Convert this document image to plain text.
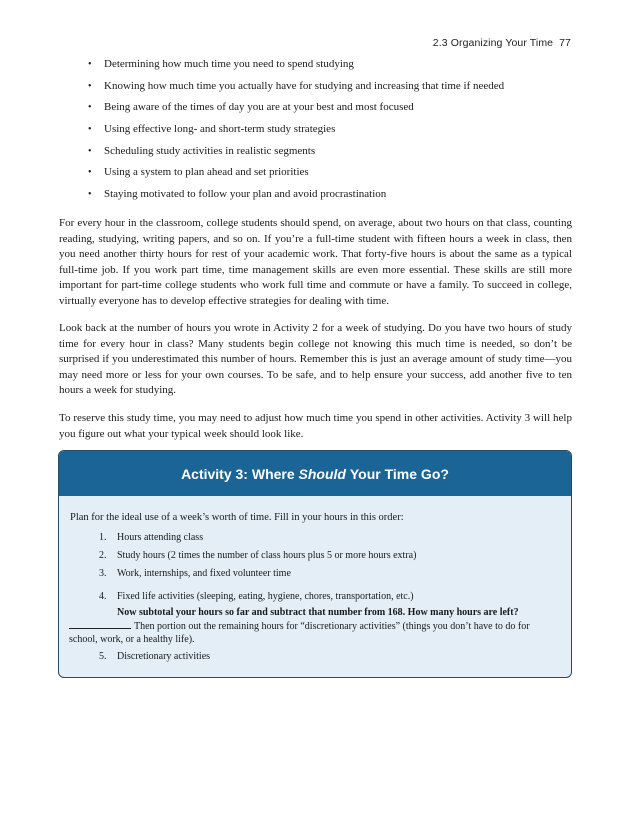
2.3 Organizing Your Time 77
• Determining how much time you need to spend studying
• Knowing how much time you actually have for studying and increasing that time if needed
• Being aware of the times of day you are at your best and most focused
• Using effective long- and short-term study strategies
• Scheduling study activities in realistic segments
• Using a system to plan ahead and set priorities
• Staying motivated to follow your plan and avoid procrastination

For every hour in the classroom, college students should spend, on average, about two hours on that class, counting reading, studying, writing papers, and so on. If you’re a full-time student with fifteen hours a week in class, then you need another thirty hours for rest of your academic work. That forty-five hours is about the same as a typical full-time job. If you work part time, time management skills are even more essential. These skills are still more important for part-time college students who work full time and commute or have a family. To succeed in college, virtually everyone has to develop effective strategies for dealing with time.

Look back at the number of hours you wrote in Activity 2 for a week of studying. Do you have two hours of study time for every hour in class? Many students begin college not knowing this much time is needed, so don’t be surprised if you underestimated this number of hours. Remember this is just an average amount of study time—you may need more or less for your own courses. To be safe, and to help ensure your success, add another five to ten hours a week for studying.

To reserve this study time, you may need to adjust how much time you spend in other activities. Activity 3 will help you figure out what your typical week should look like.

Activity 3: Where
Should
Your Time Go?
Plan for the ideal use of a week’s worth of time. Fill in your hours in this order:
1. Hours attending class
2. Study hours (2 times the number of class hours plus 5 or more hours extra)
3. Work, internships, and fixed volunteer time
4. Fixed life activities (sleeping, eating, hygiene, chores, transportation, etc.)
Now subtotal your hours so far and subtract that number from 168. How many hours are left?
Then portion out the remaining hours for “discretionary activities” (things you don’t have to do for school, work, or a healthy life).
5. Discretionary activities
